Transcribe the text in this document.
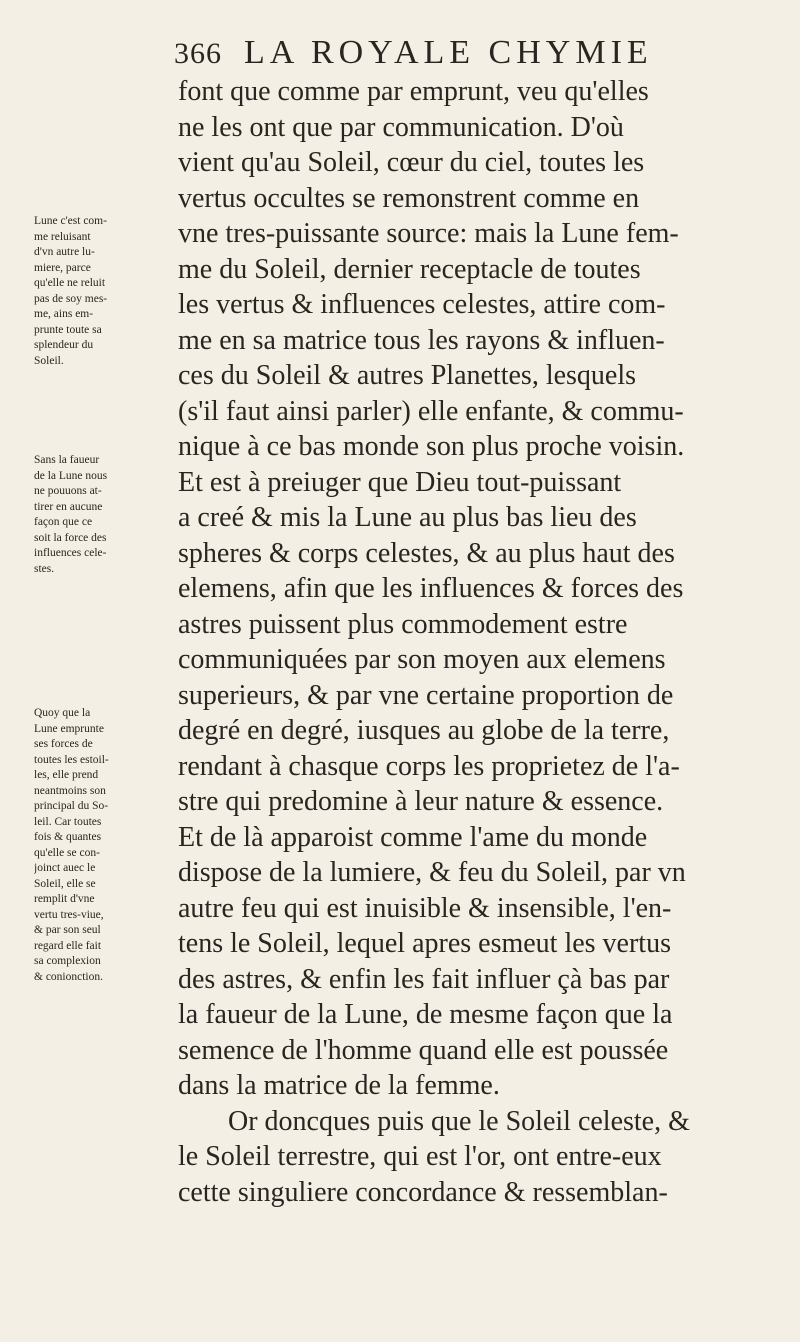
366 LA ROYALE CHYMIE
font que comme par emprunt, veu qu'elles
ne les ont que par communication. D'où
vient qu'au Soleil, cœur du ciel, toutes les
vertus occultes se remonstrent comme en
vne tres-puissante source: mais la Lune fem-
me du Soleil, dernier receptacle de toutes
les vertus & influences celestes, attire com-
me en sa matrice tous les rayons & influen-
ces du Soleil & autres Planettes, lesquels
(s'il faut ainsi parler) elle enfante, & commu-
nique à ce bas monde son plus proche voisin.
Et est à preiuger que Dieu tout-puissant
a creé & mis la Lune au plus bas lieu des
spheres & corps celestes, & au plus haut des
elemens, afin que les influences & forces des
astres puissent plus commodement estre
communiquées par son moyen aux elemens
superieurs, & par vne certaine proportion de
degré en degré, iusques au globe de la terre,
rendant à chasque corps les proprietez de l'a-
stre qui predomine à leur nature & essence.
Et de là apparoist comme l'ame du monde
dispose de la lumiere, & feu du Soleil, par vn
autre feu qui est inuisible & insensible, l'en-
tens le Soleil, lequel apres esmeut les vertus
des astres, & enfin les fait influer çà bas par
la faueur de la Lune, de mesme façon que la
semence de l'homme quand elle est poussée
dans la matrice de la femme.
Or doncques puis que le Soleil celeste, &
le Soleil terrestre, qui est l'or, ont entre-eux
cette singuliere concordance & ressemblan-
Lune c'est com-
me reluisant
d'vn autre lu-
miere, parce
qu'elle ne reluit
pas de soy mes-
me, ains em-
prunte toute sa
splendeur du
Soleil.
Sans la faueur
de la Lune nous
ne pouuons at-
tirer en aucune
façon que ce
soit la force des
influences cele-
stes.
Quoy que la
Lune emprunte
ses forces de
toutes les estoil-
les, elle prend
neantmoins son
principal du So-
leil. Car toutes
fois & quantes
qu'elle se con-
joinct auec le
Soleil, elle se
remplit d'vne
vertu tres-viue,
& par son seul
regard elle fait
sa complexion
& conionction.
